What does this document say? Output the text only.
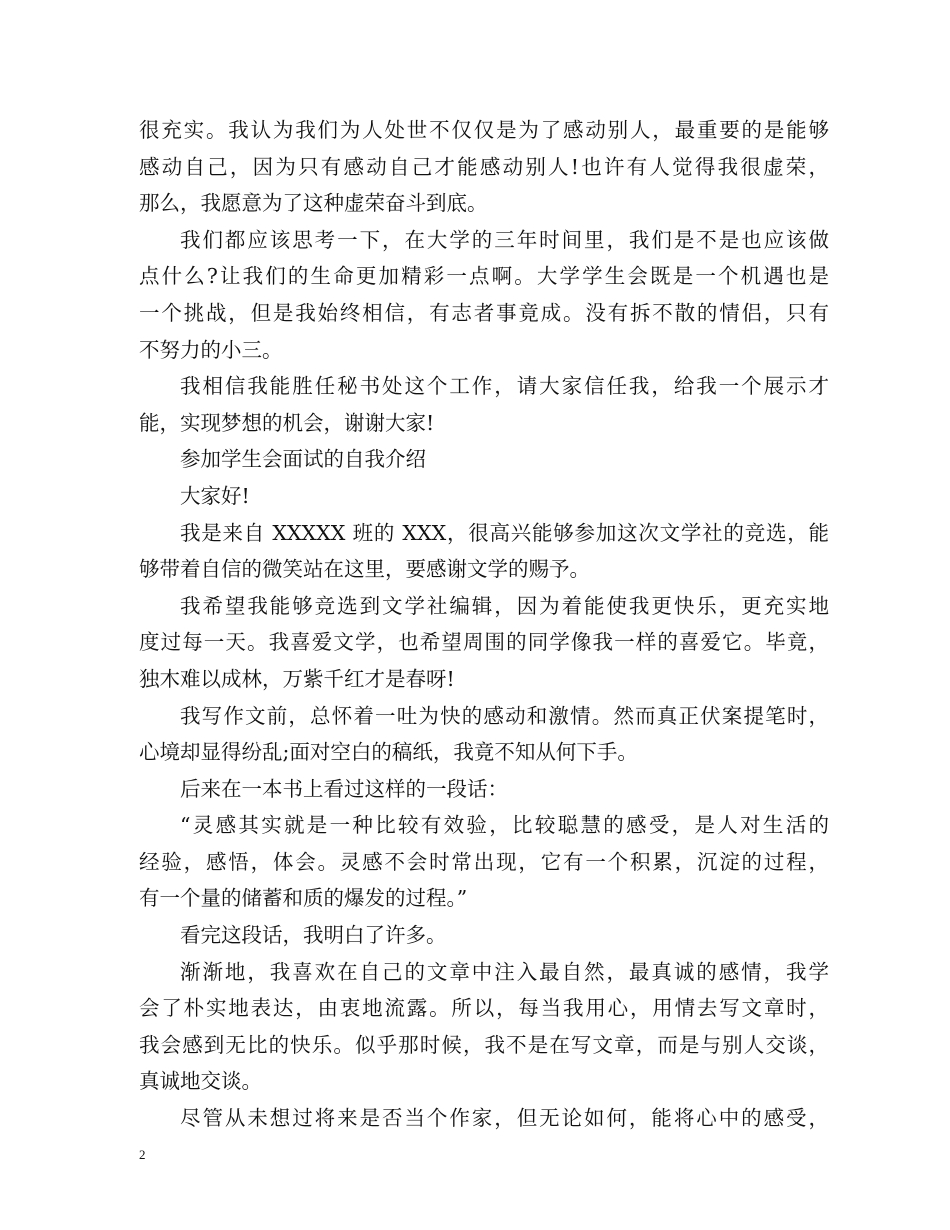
很充实。我认为我们为人处世不仅仅是为了感动别人，最重要的是能够
感动自己，因为只有感动自己才能感动别人!也许有人觉得我很虚荣，
那么，我愿意为了这种虚荣奋斗到底。
我们都应该思考一下，在大学的三年时间里，我们是不是也应该做
点什么?让我们的生命更加精彩一点啊。大学学生会既是一个机遇也是
一个挑战，但是我始终相信，有志者事竟成。没有拆不散的情侣，只有
不努力的小三。
我相信我能胜任秘书处这个工作，请大家信任我，给我一个展示才
能，实现梦想的机会，谢谢大家!
参加学生会面试的自我介绍
大家好!
我是来自 XXXXX 班的 XXX，很高兴能够参加这次文学社的竞选，能
够带着自信的微笑站在这里，要感谢文学的赐予。
我希望我能够竞选到文学社编辑，因为着能使我更快乐，更充实地
度过每一天。我喜爱文学，也希望周围的同学像我一样的喜爱它。毕竟，
独木难以成林，万紫千红才是春呀!
我写作文前，总怀着一吐为快的感动和激情。然而真正伏案提笔时，
心境却显得纷乱;面对空白的稿纸，我竟不知从何下手。
后来在一本书上看过这样的一段话：
“灵感其实就是一种比较有效验，比较聪慧的感受，是人对生活的
经验，感悟，体会。灵感不会时常出现，它有一个积累，沉淀的过程，
有一个量的储蓄和质的爆发的过程。”
看完这段话，我明白了许多。
渐渐地，我喜欢在自己的文章中注入最自然，最真诚的感情，我学
会了朴实地表达，由衷地流露。所以，每当我用心，用情去写文章时，
我会感到无比的快乐。似乎那时候，我不是在写文章，而是与别人交谈，
真诚地交谈。
尽管从未想过将来是否当个作家，但无论如何，能将心中的感受，
2
